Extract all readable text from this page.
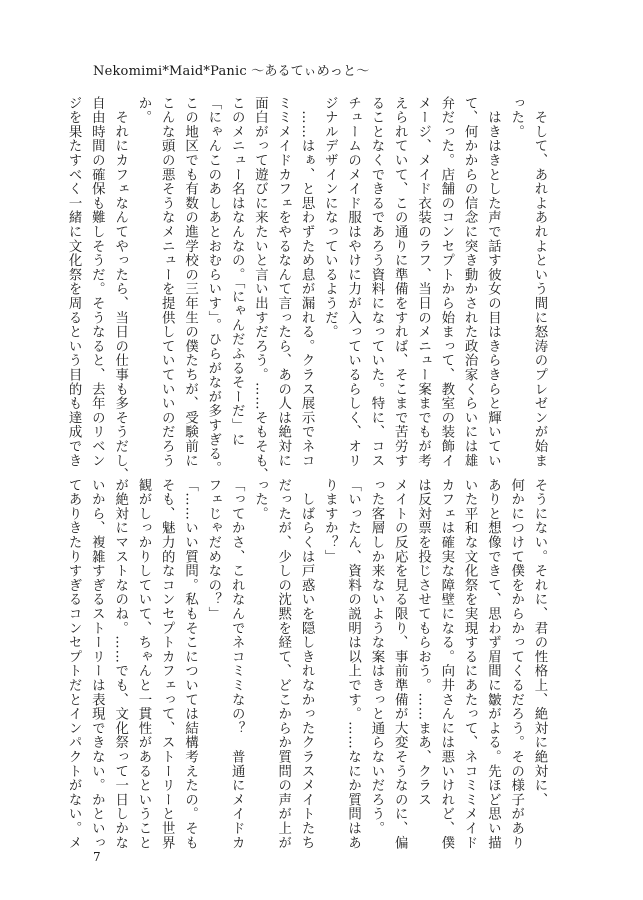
Nekomimi*Maid*Panic 〜あるてぃめっと〜
　そして、あれよあれよという間に怒涛のプレゼンが始ま
った。
　はきはきとした声で話す彼女の目はきらきらと輝いてい
て、何かからの信念に突き動かされた政治家くらいには雄
弁だった。店舗のコンセプトから始まって、教室の装飾イ
メージ、メイド衣装のラフ、当日のメニュー案までもが考
えられていて、この通りに準備をすれば、そこまで苦労す
ることなくできるであろう資料になっていた。特に、コス
チュームのメイド服はやけに力が入っているらしく、オリ
ジナルデザインになっているようだ。
　……はぁ、と思わずため息が漏れる。クラス展示でネコ
ミミメイドカフェをやるなんて言ったら、あの人は絶対に
面白がって遊びに来たいと言い出すだろう。……そもそも、
このメニュー名はなんなの。「にゃんだふるそーだ」に
「にゃんこのあしあとおむらいす」。ひらがなが多すぎる。
この地区でも有数の進学校の三年生の僕たちが、受験前に
こんな頭の悪そうなメニューを提供していていいのだろう
か。
　それにカフェなんてやったら、当日の仕事も多そうだし、
自由時間の確保も難しそうだ。そうなると、去年のリベン
ジを果たすべく一緒に文化祭を周るという目的も達成でき
そうにない。それに、君の性格上、絶対に絶対に、
何かにつけて僕をからかってくるだろう。その様子があり
ありと想像できて、思わず眉間に皺がよる。先ほど思い描
いた平和な文化祭を実現するにあたって、ネコミミメイド
カフェは確実な障壁になる。向井さんには悪いけれど、僕
は反対票を投じさせてもらおう。……まあ、クラス
メイトの反応を見る限り、事前準備が大変そうなのに、偏
った客層しか来ないような案はきっと通らないだろう。
「いったん、資料の説明は以上です。……なにか質問はあ
りますか？」
　しばらくは戸惑いを隠しきれなかったクラスメイトたち
だったが、少しの沈黙を経て、どこからか質問の声が上が
った。
「ってかさ、これなんでネコミミなの？　普通にメイドカ
フェじゃだめなの？」
「……いい質問。私もそこについては結構考えたの。そも
そも、魅力的なコンセプトカフェって、ストーリーと世界
観がしっかりしていて、ちゃんと一貫性があるということ
が絶対にマストなのね。……でも、文化祭って一日しかな
いから、複雑すぎるストーリーは表現できない。かといっ
てありきたりすぎるコンセプトだとインパクトがない。メ
7
